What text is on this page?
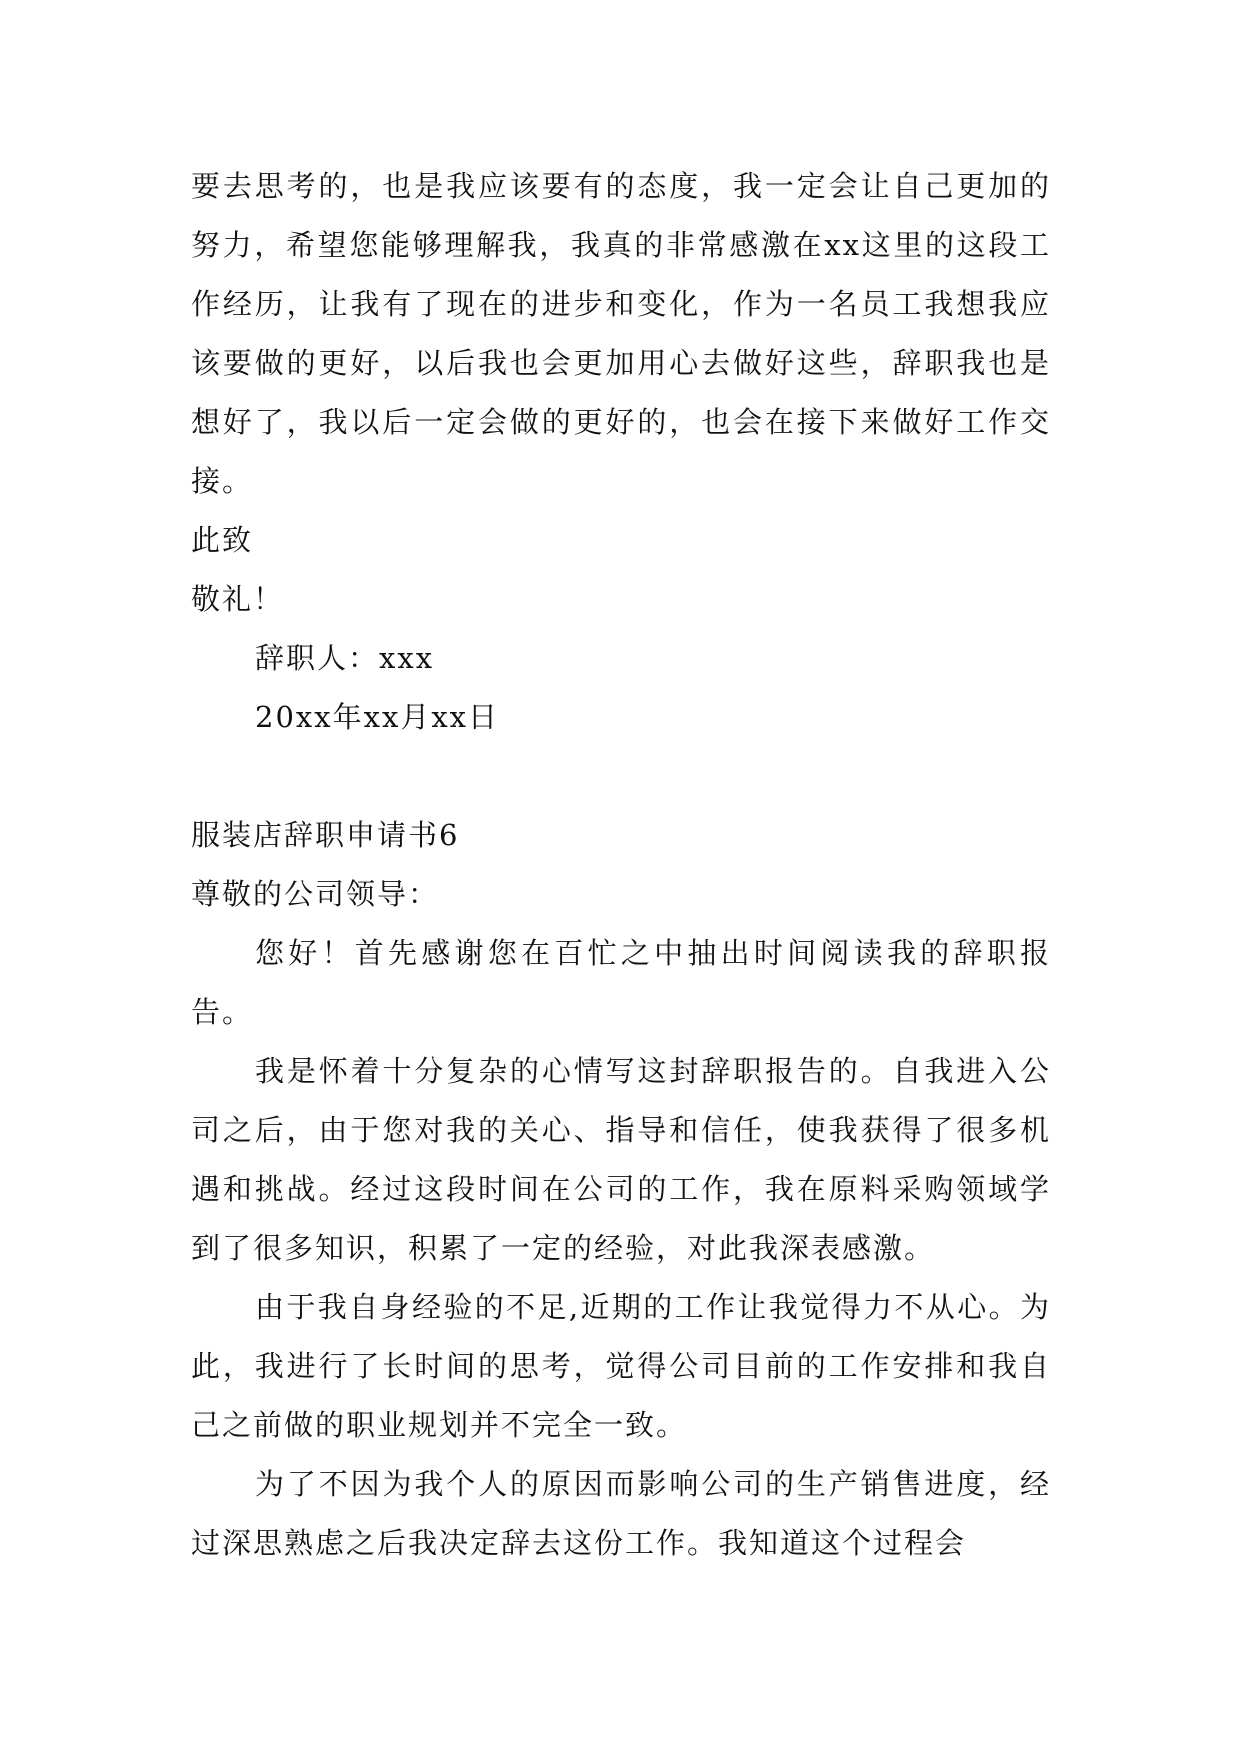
要去思考的，也是我应该要有的态度，我一定会让自己更加的努力，希望您能够理解我，我真的非常感激在xx这里的这段工作经历，让我有了现在的进步和变化，作为一名员工我想我应该要做的更好，以后我也会更加用心去做好这些，辞职我也是想好了，我以后一定会做的更好的，也会在接下来做好工作交接。

此致

敬礼！

辞职人：xxx

20xx年xx月xx日

服装店辞职申请书6

尊敬的公司领导：

您好！首先感谢您在百忙之中抽出时间阅读我的辞职报告。

我是怀着十分复杂的心情写这封辞职报告的。自我进入公司之后，由于您对我的关心、指导和信任，使我获得了很多机遇和挑战。经过这段时间在公司的工作，我在原料采购领域学到了很多知识，积累了一定的经验，对此我深表感激。

由于我自身经验的不足,近期的工作让我觉得力不从心。为此，我进行了长时间的思考，觉得公司目前的工作安排和我自己之前做的职业规划并不完全一致。

为了不因为我个人的原因而影响公司的生产销售进度，经过深思熟虑之后我决定辞去这份工作。我知道这个过程会
